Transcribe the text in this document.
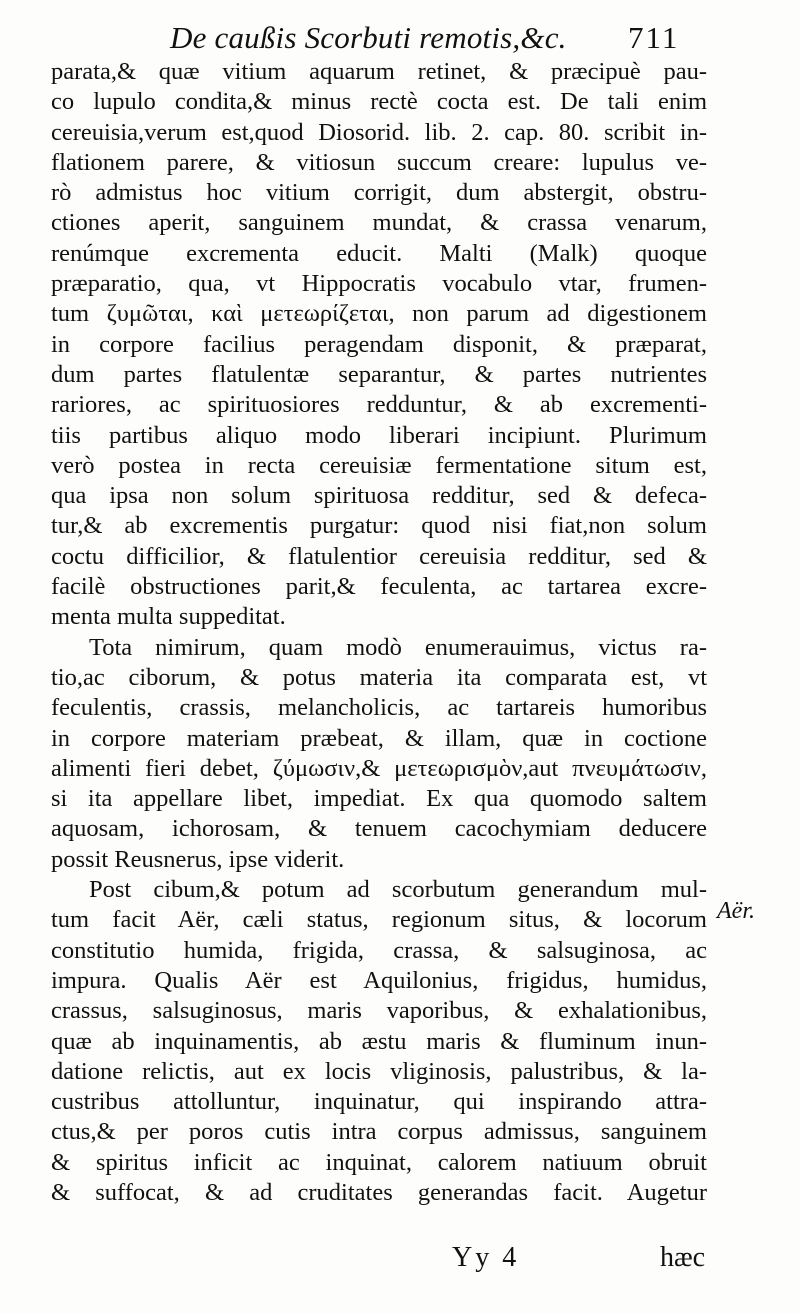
De caußis Scorbuti remotis,&c. 711
parata,& quæ vitium aquarum retinet, & præcipuè pau-
co lupulo condita,& minus rectè cocta est. De tali enim
cereuisia,verum est,quod Diosorid. lib. 2. cap. 80. scribit in-
flationem parere, & vitiosun succum creare: lupulus ve-
rò admistus hoc vitium corrigit, dum abstergit, obstru-
ctiones aperit, sanguinem mundat, & crassa venarum,
renúmque excrementa educit. Malti (Malk) quoque
præparatio, qua, vt Hippocratis vocabulo vtar, frumen-
tum ζυμῶται, καὶ μετεωρίζεται, non parum ad digestionem
in corpore facilius peragendam disponit, & præparat,
dum partes flatulentæ separantur, & partes nutrientes
rariores, ac spirituosiores redduntur, & ab excrementi-
tiis partibus aliquo modo liberari incipiunt. Plurimum
verò postea in recta cereuisiæ fermentatione situm est,
qua ipsa non solum spirituosa redditur, sed & defeca-
tur,& ab excrementis purgatur: quod nisi fiat,non solum
coctu difficilior, & flatulentior cereuisia redditur, sed &
facilè obstructiones parit,& feculenta, ac tartarea excre-
menta multa suppeditat.
Tota nimirum, quam modò enumerauimus, victus ra-
tio,ac ciborum, & potus materia ita comparata est, vt
feculentis, crassis, melancholicis, ac tartareis humoribus
in corpore materiam præbeat, & illam, quæ in coctione
alimenti fieri debet, ζύμωσιν,& μετεωρισμὸν,aut πνευμάτωσιν,
si ita appellare libet, impediat. Ex qua quomodo saltem
aquosam, ichorosam, & tenuem cacochymiam deducere
possit Reusnerus, ipse viderit.
Post cibum,& potum ad scorbutum generandum mul-
tum facit Aër, cæli status, regionum situs, & locorum
constitutio humida, frigida, crassa, & salsuginosa, ac
impura. Qualis Aër est Aquilonius, frigidus, humidus,
crassus, salsuginosus, maris vaporibus, & exhalationibus,
quæ ab inquinamentis, ab æstu maris & fluminum inun-
datione relictis, aut ex locis vliginosis, palustribus, & la-
custribus attolluntur, inquinatur, qui inspirando attra-
ctus,& per poros cutis intra corpus admissus, sanguinem
& spiritus inficit ac inquinat, calorem natiuum obruit
& suffocat, & ad cruditates generandas facit. Augetur
Aër.
Yy 4	hæc
